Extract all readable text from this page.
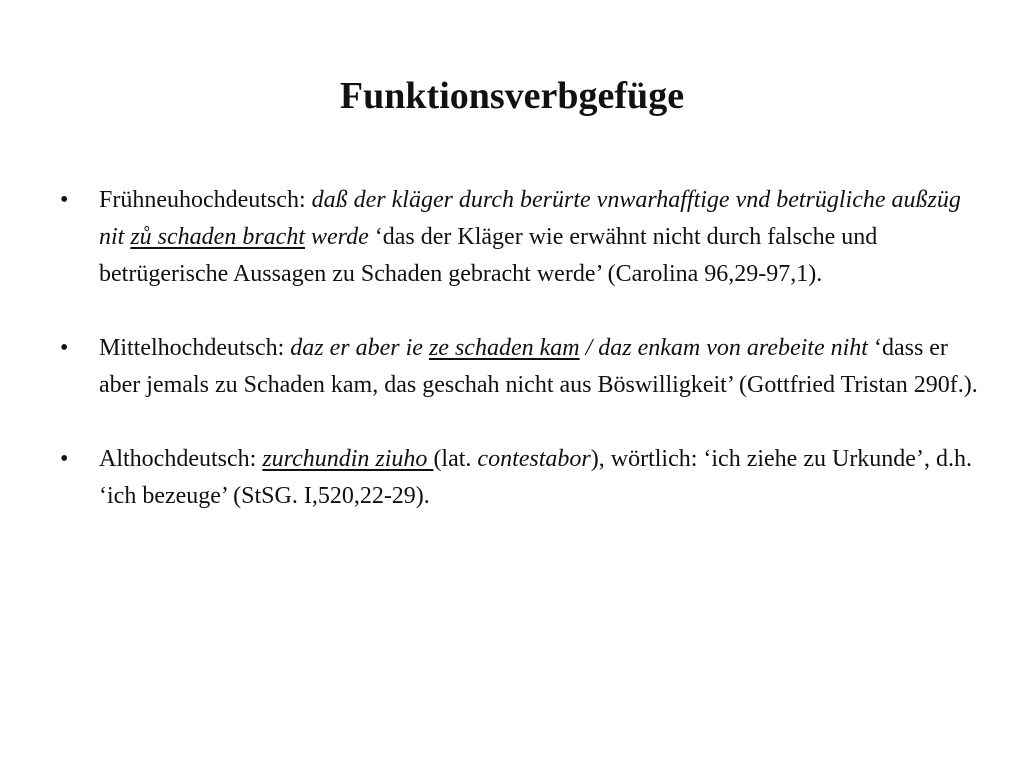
Funktionsverbgefüge
•	Frühneuhochdeutsch: daß der kläger durch berürte vnwarhafftige vnd betrügliche außzüg nit zů schaden bracht werde ‘das der Kläger wie erwähnt nicht durch falsche und betrügerische Aussagen zu Schaden gebracht werde’ (Carolina 96,29-97,1).
•	Mittelhochdeutsch: daz er aber ie ze schaden kam / daz enkam von arebeite niht ‘dass er aber jemals zu Schaden kam, das geschah nicht aus Böswilligkeit’ (Gottfried Tristan 290f.).
•	Althochdeutsch: zurchundin ziuho (lat. contestabor), wörtlich: ‘ich ziehe zu Urkunde’, d.h. ‘ich bezeuge’ (StSG. I,520,22-29).
